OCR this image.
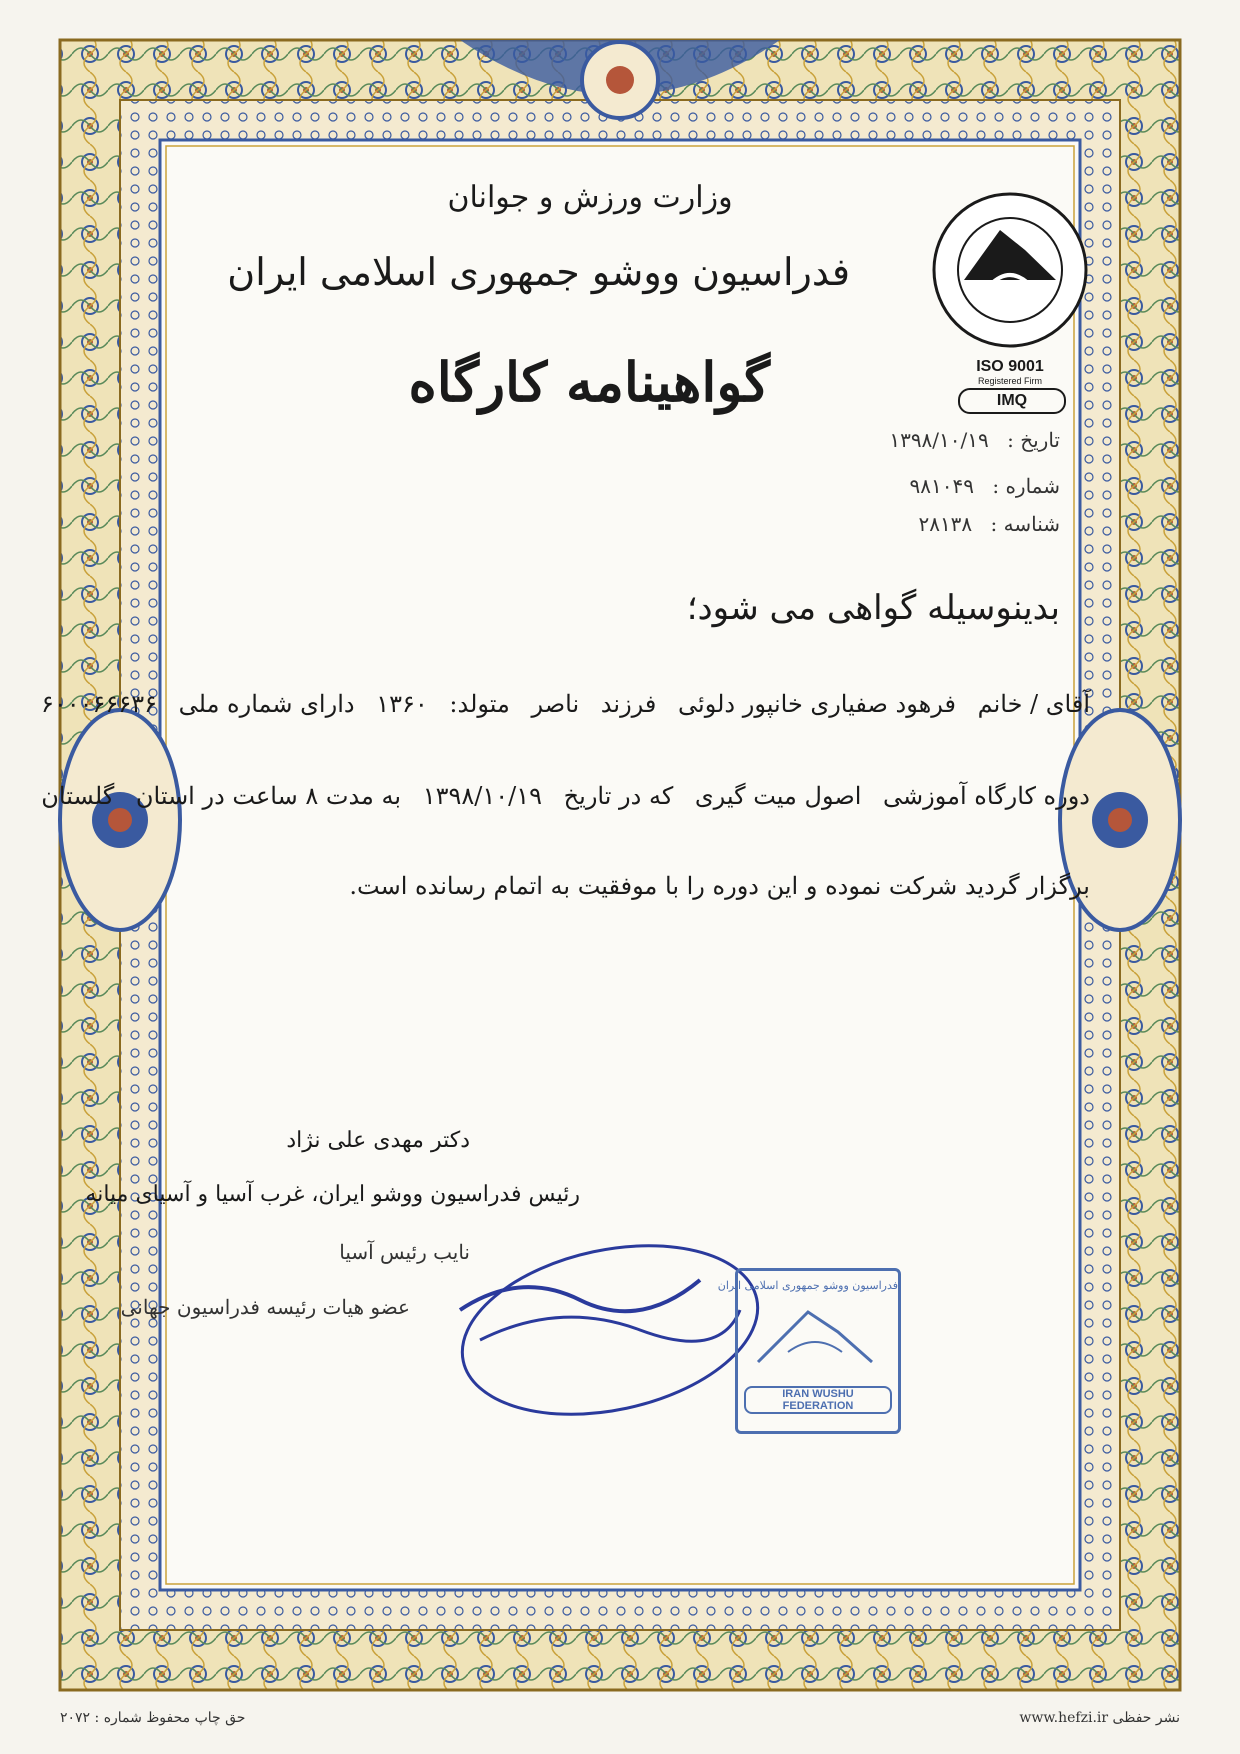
ISO 9001
Registered Firm
IMQ
وزارت ورزش و جوانان
فدراسیون ووشو جمهوری اسلامی ایران
گواهینامه کارگاه
تاریخ : ۱۳۹۸/۱۰/۱۹
شماره : ۹۸۱۰۴۹
شناسه : ۲۸۱۳۸
بدینوسیله گواهی می شود؛
آقای / خانم فرهود صفیاری خانپور دلوئی فرزند ناصر متولد: ۱۳۶۰ دارای شماره ملی ۶۰۰۰۶۶۶۳۶
دوره کارگاه آموزشی اصول میت گیری که در تاریخ ۱۳۹۸/۱۰/۱۹ به مدت ۸ ساعت در استان گلستان
برگزار گردید شرکت نموده و این دوره را با موفقیت به اتمام رسانده است.
دکتر مهدی علی نژاد
رئیس فدراسیون ووشو ایران، غرب آسیا و آسیای میانه
نایب رئیس آسیا
عضو هیات رئیسه فدراسیون جهانی
فدراسیون ووشو جمهوری اسلامی ایران
IRAN WUSHU FEDERATION
حق چاپ محفوظ شماره : ۲۰۷۲	www.hefzi.ir نشر حفظی
